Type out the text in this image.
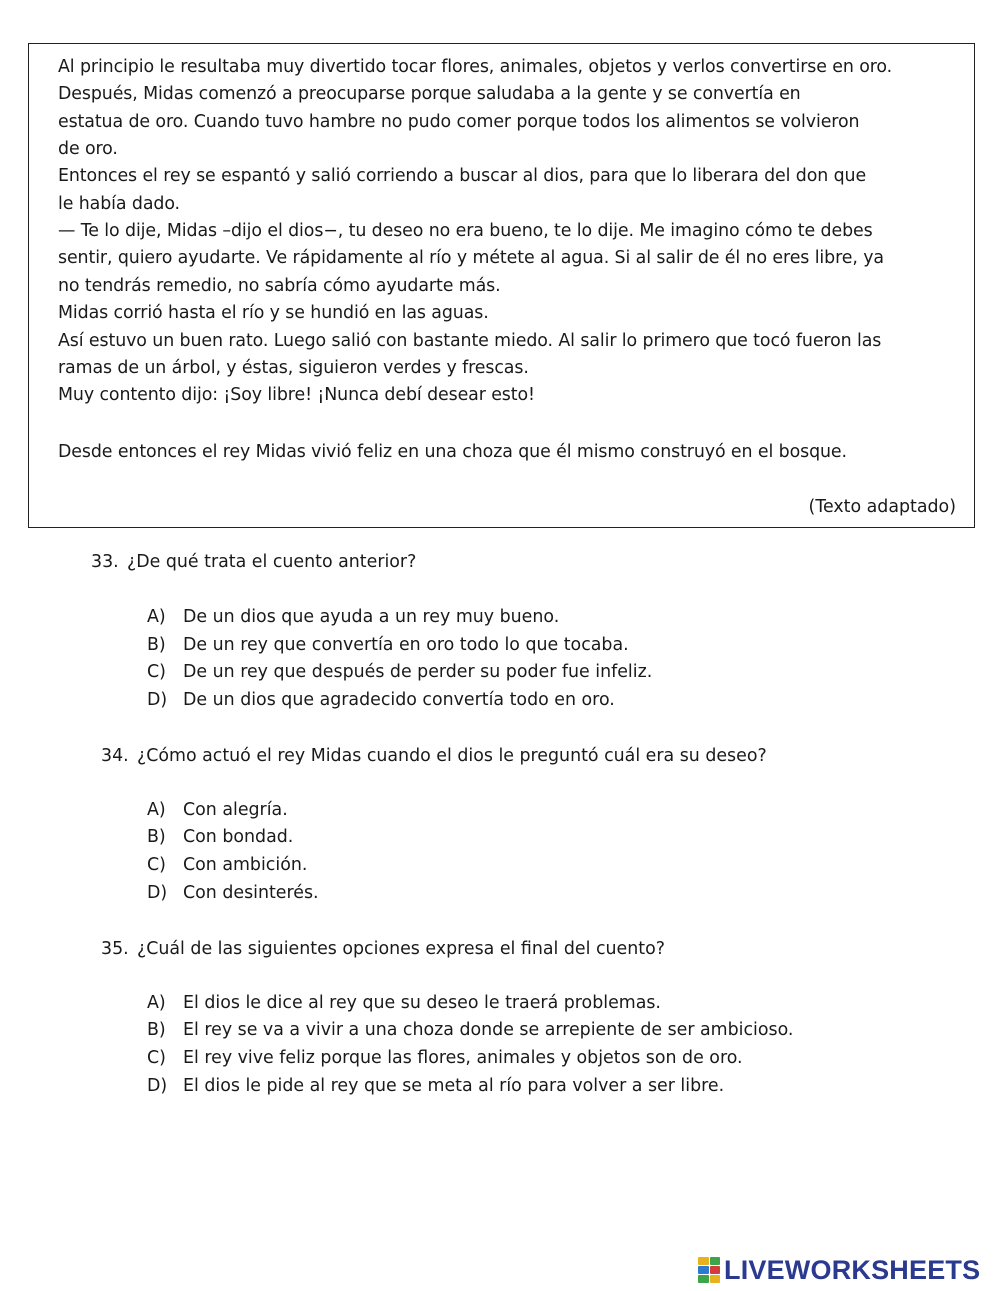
Al principio le resultaba muy divertido tocar flores, animales, objetos y verlos convertirse en oro.
Después, Midas comenzó a preocuparse porque saludaba a la gente y se convertía en
estatua de oro. Cuando tuvo hambre no pudo comer porque todos los alimentos se volvieron
de oro.
Entonces el rey se espantó y salió corriendo a buscar al dios, para que lo liberara del don que
le había dado.
— Te lo dije, Midas –dijo el dios−, tu deseo no era bueno, te lo dije. Me imagino cómo te debes
sentir, quiero ayudarte. Ve rápidamente al río y métete al agua. Si al salir de él no eres libre, ya
no tendrás remedio, no sabría cómo ayudarte más.
Midas corrió hasta el río y se hundió en las aguas.
Así estuvo un buen rato. Luego salió con bastante miedo. Al salir lo primero que tocó fueron las
ramas de un árbol, y éstas, siguieron verdes y frescas.
Muy contento dijo: ¡Soy libre! ¡Nunca debí desear esto!
Desde entonces el rey Midas vivió feliz en una choza que él mismo construyó en el bosque.
(Texto adaptado)
33. ¿De qué trata el cuento anterior?
A) De un dios que ayuda a un rey muy bueno.
B) De un rey que convertía en oro todo lo que tocaba.
C) De un rey que después de perder su poder fue infeliz.
D) De un dios que agradecido convertía todo en oro.
34. ¿Cómo actuó el rey Midas cuando el dios le preguntó cuál era su deseo?
A) Con alegría.
B) Con bondad.
C) Con ambición.
D) Con desinterés.
35. ¿Cuál de las siguientes opciones expresa el final del cuento?
A) El dios le dice al rey que su deseo le traerá problemas.
B) El rey se va a vivir a una choza donde se arrepiente de ser ambicioso.
C) El rey vive feliz porque las flores, animales y objetos son de oro.
D) El dios le pide al rey que se meta al río para volver a ser libre.
LIVEWORKSHEETS
